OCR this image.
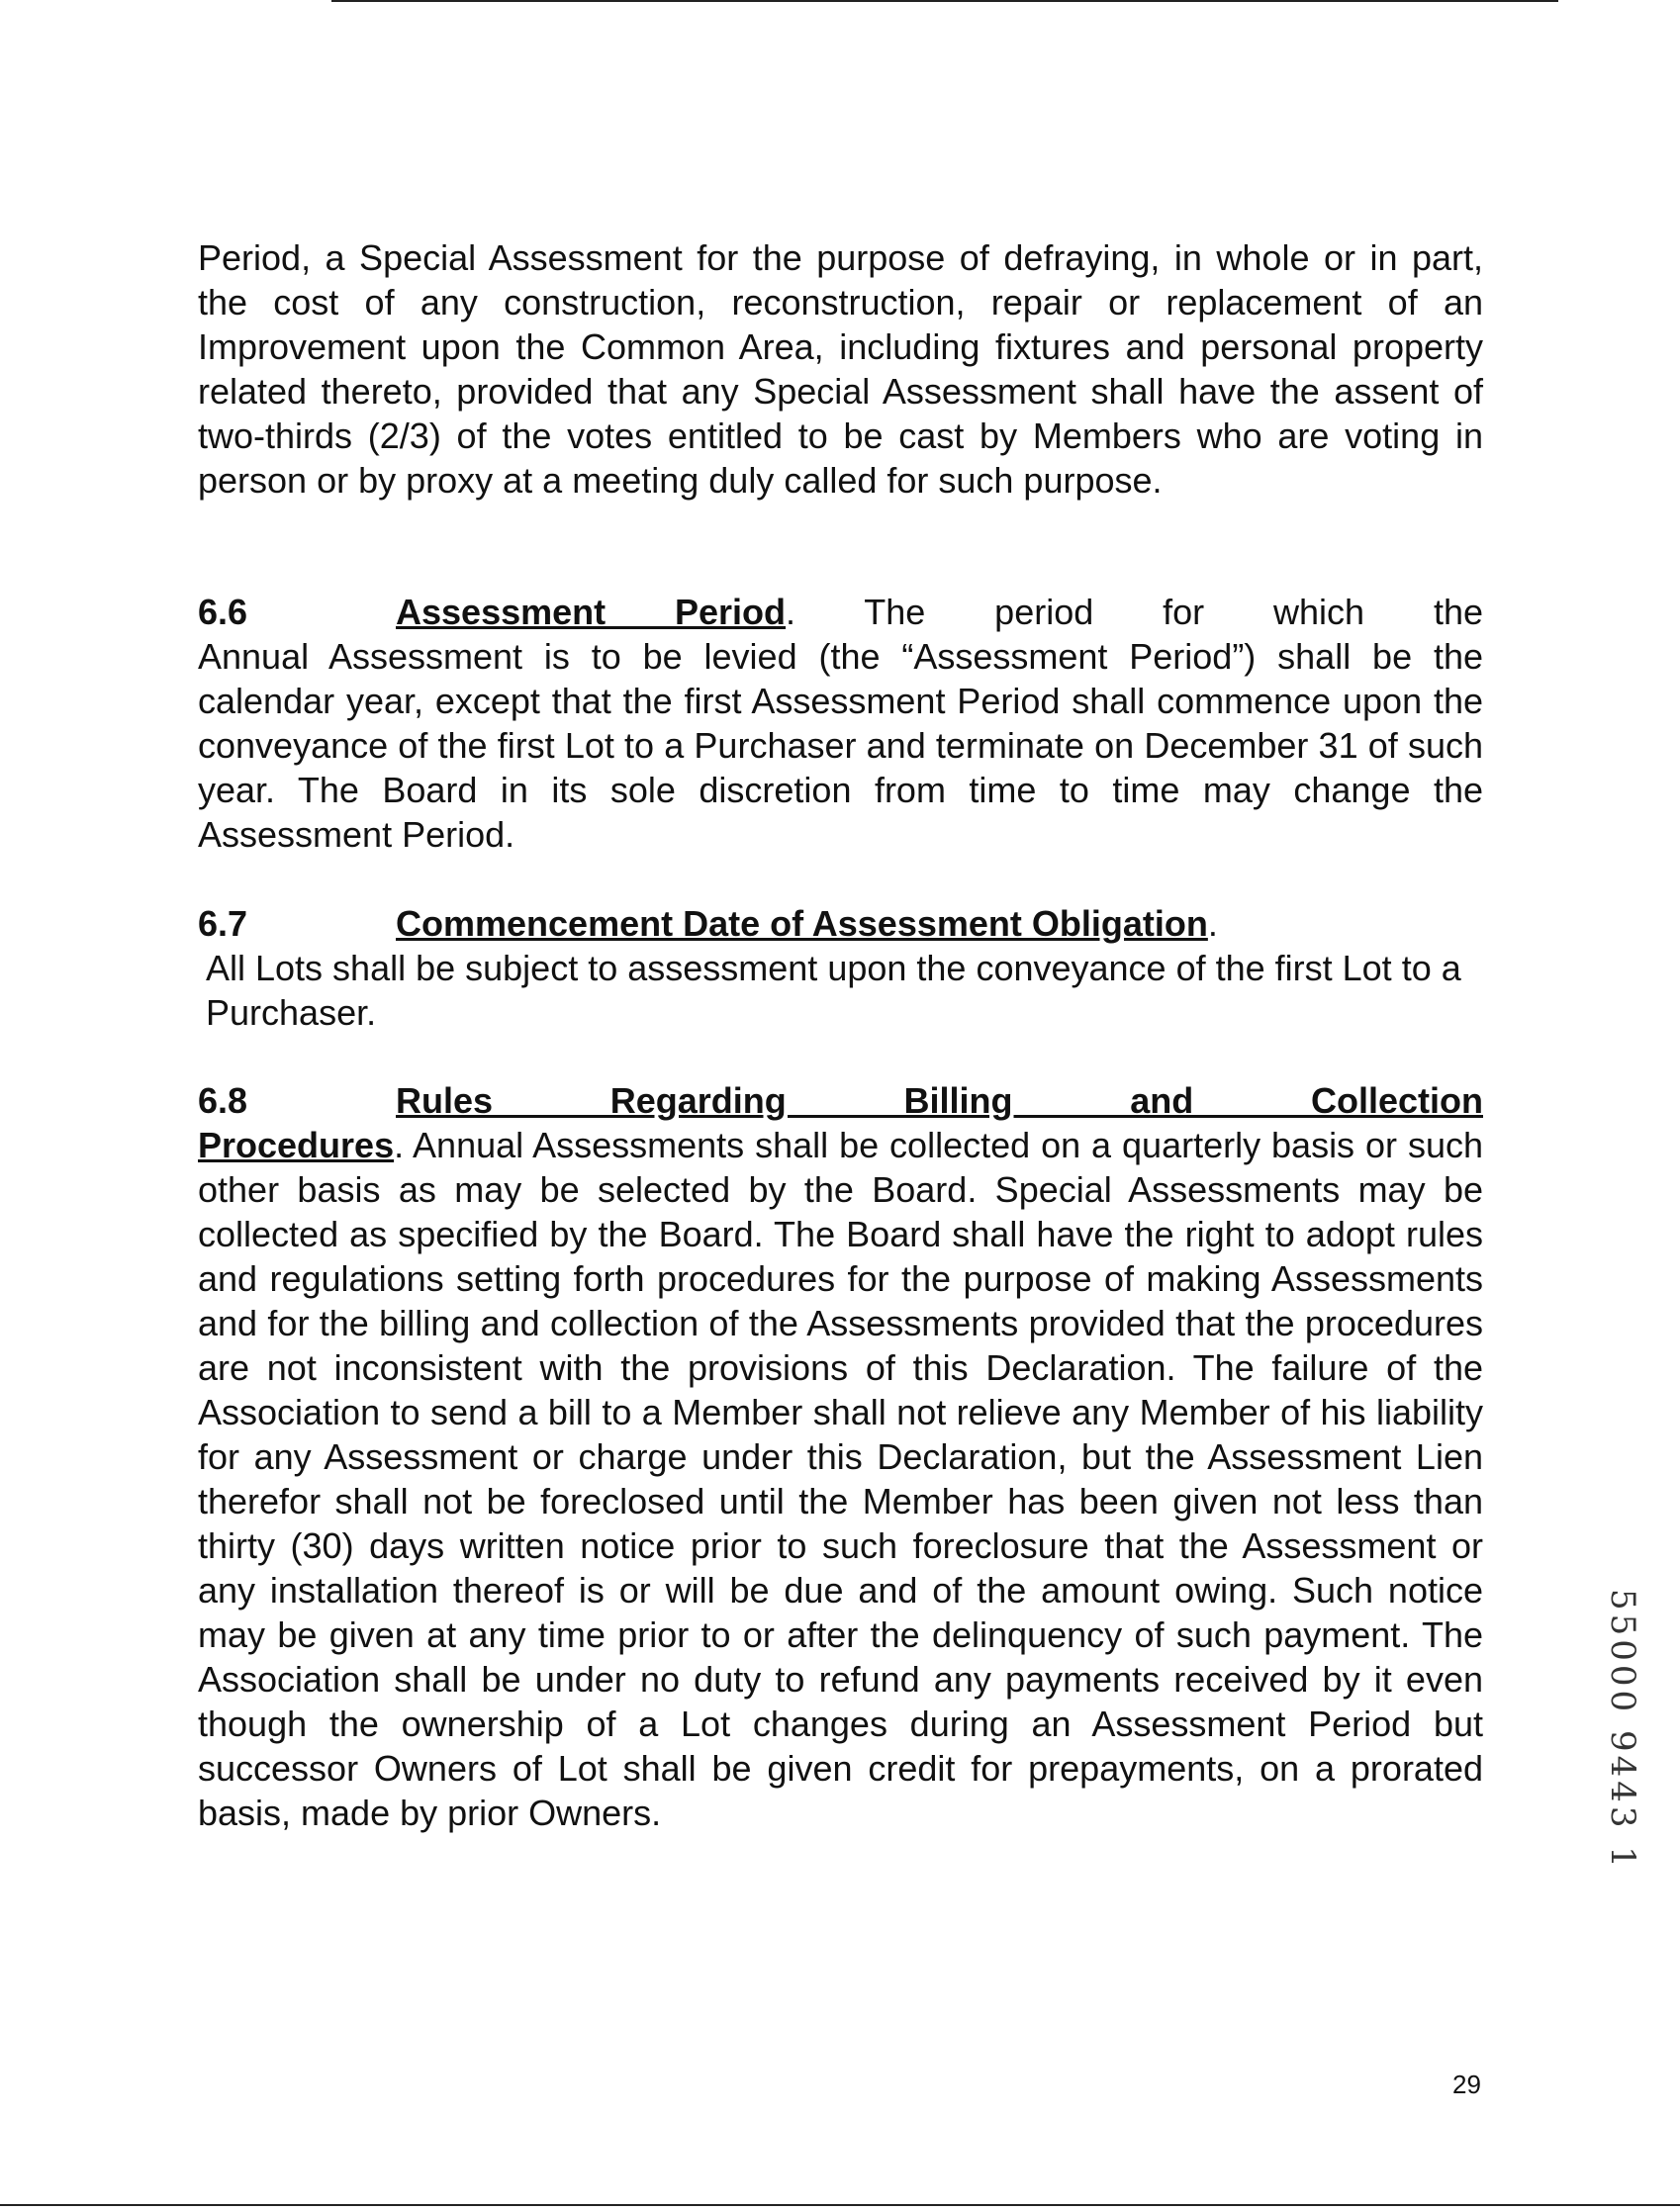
Period, a Special Assessment for the purpose of defraying, in whole or in part, the cost of any construction, reconstruction, repair or replacement of an Improvement upon the Common Area, including fixtures and personal property related thereto, provided that any Special Assessment shall have the assent of two-thirds (2/3) of the votes entitled to be cast by Members who are voting in person or by proxy at a meeting duly called for such purpose.

6.6	Assessment Period. The period for which the

Annual Assessment is to be levied (the “Assessment Period”) shall be the calendar year, except that the first Assessment Period shall commence upon the conveyance of the first Lot to a Purchaser and terminate on December 31 of such year. The Board in its sole discretion from time to time may change the Assessment Period.

6.7	Commencement Date of Assessment Obligation.

All Lots shall be subject to assessment upon the conveyance of the first Lot to a Purchaser.

6.8	Rules Regarding Billing and Collection

Procedures. Annual Assessments shall be collected on a quarterly basis or such other basis as may be selected by the Board. Special Assessments may be collected as specified by the Board. The Board shall have the right to adopt rules and regulations setting forth procedures for the purpose of making Assessments and for the billing and collection of the Assessments provided that the procedures are not inconsistent with the provisions of this Declaration. The failure of the Association to send a bill to a Member shall not relieve any Member of his liability for any Assessment or charge under this Declaration, but the Assessment Lien therefor shall not be foreclosed until the Member has been given not less than thirty (30) days written notice prior to such foreclosure that the Assessment or any installation thereof is or will be due and of the amount owing. Such notice may be given at any time prior to or after the delinquency of such payment. The Association shall be under no duty to refund any payments received by it even though the ownership of a Lot changes during an Assessment Period but successor Owners of Lot shall be given credit for prepayments, on a prorated basis, made by prior Owners.

29
55000 9443 1
